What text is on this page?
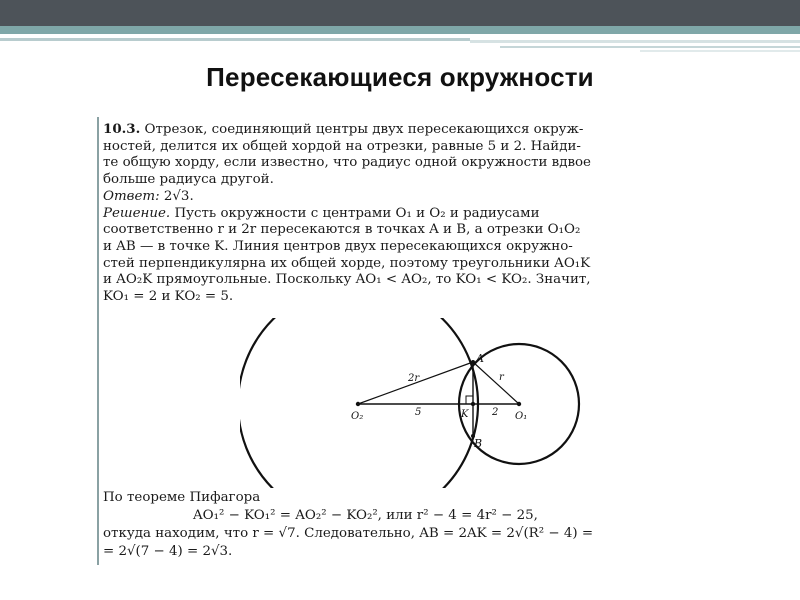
Пересекающиеся окружности
10.3. Отрезок, соединяющий центры двух пересекающихся окруж-
ностей, делится их общей хордой на отрезки, равные 5 и 2. Найди-
те общую хорду, если известно, что радиус одной окружности вдвое
больше радиуса другой.
Ответ: 2√3.
Решение. Пусть окружности с центрами O₁ и O₂ и радиусами
соответственно r и 2r пересекаются в точках A и B, а отрезки O₁O₂
и AB — в точке K. Линия центров двух пересекающихся окружно-
стей перпендикулярна их общей хорде, поэтому треугольники AO₁K
и AO₂K прямоугольные. Поскольку AO₁ < AO₂, то KO₁ < KO₂. Значит,
KO₁ = 2 и KO₂ = 5.
A
B
K
O₂	O₁
2r	r
5	2
По теореме Пифагора
AO₁² − KO₁² = AO₂² − KO₂², или r² − 4 = 4r² − 25,
откуда находим, что r = √7. Следовательно, AB = 2AK = 2√(R² − 4) =
= 2√(7 − 4) = 2√3.
